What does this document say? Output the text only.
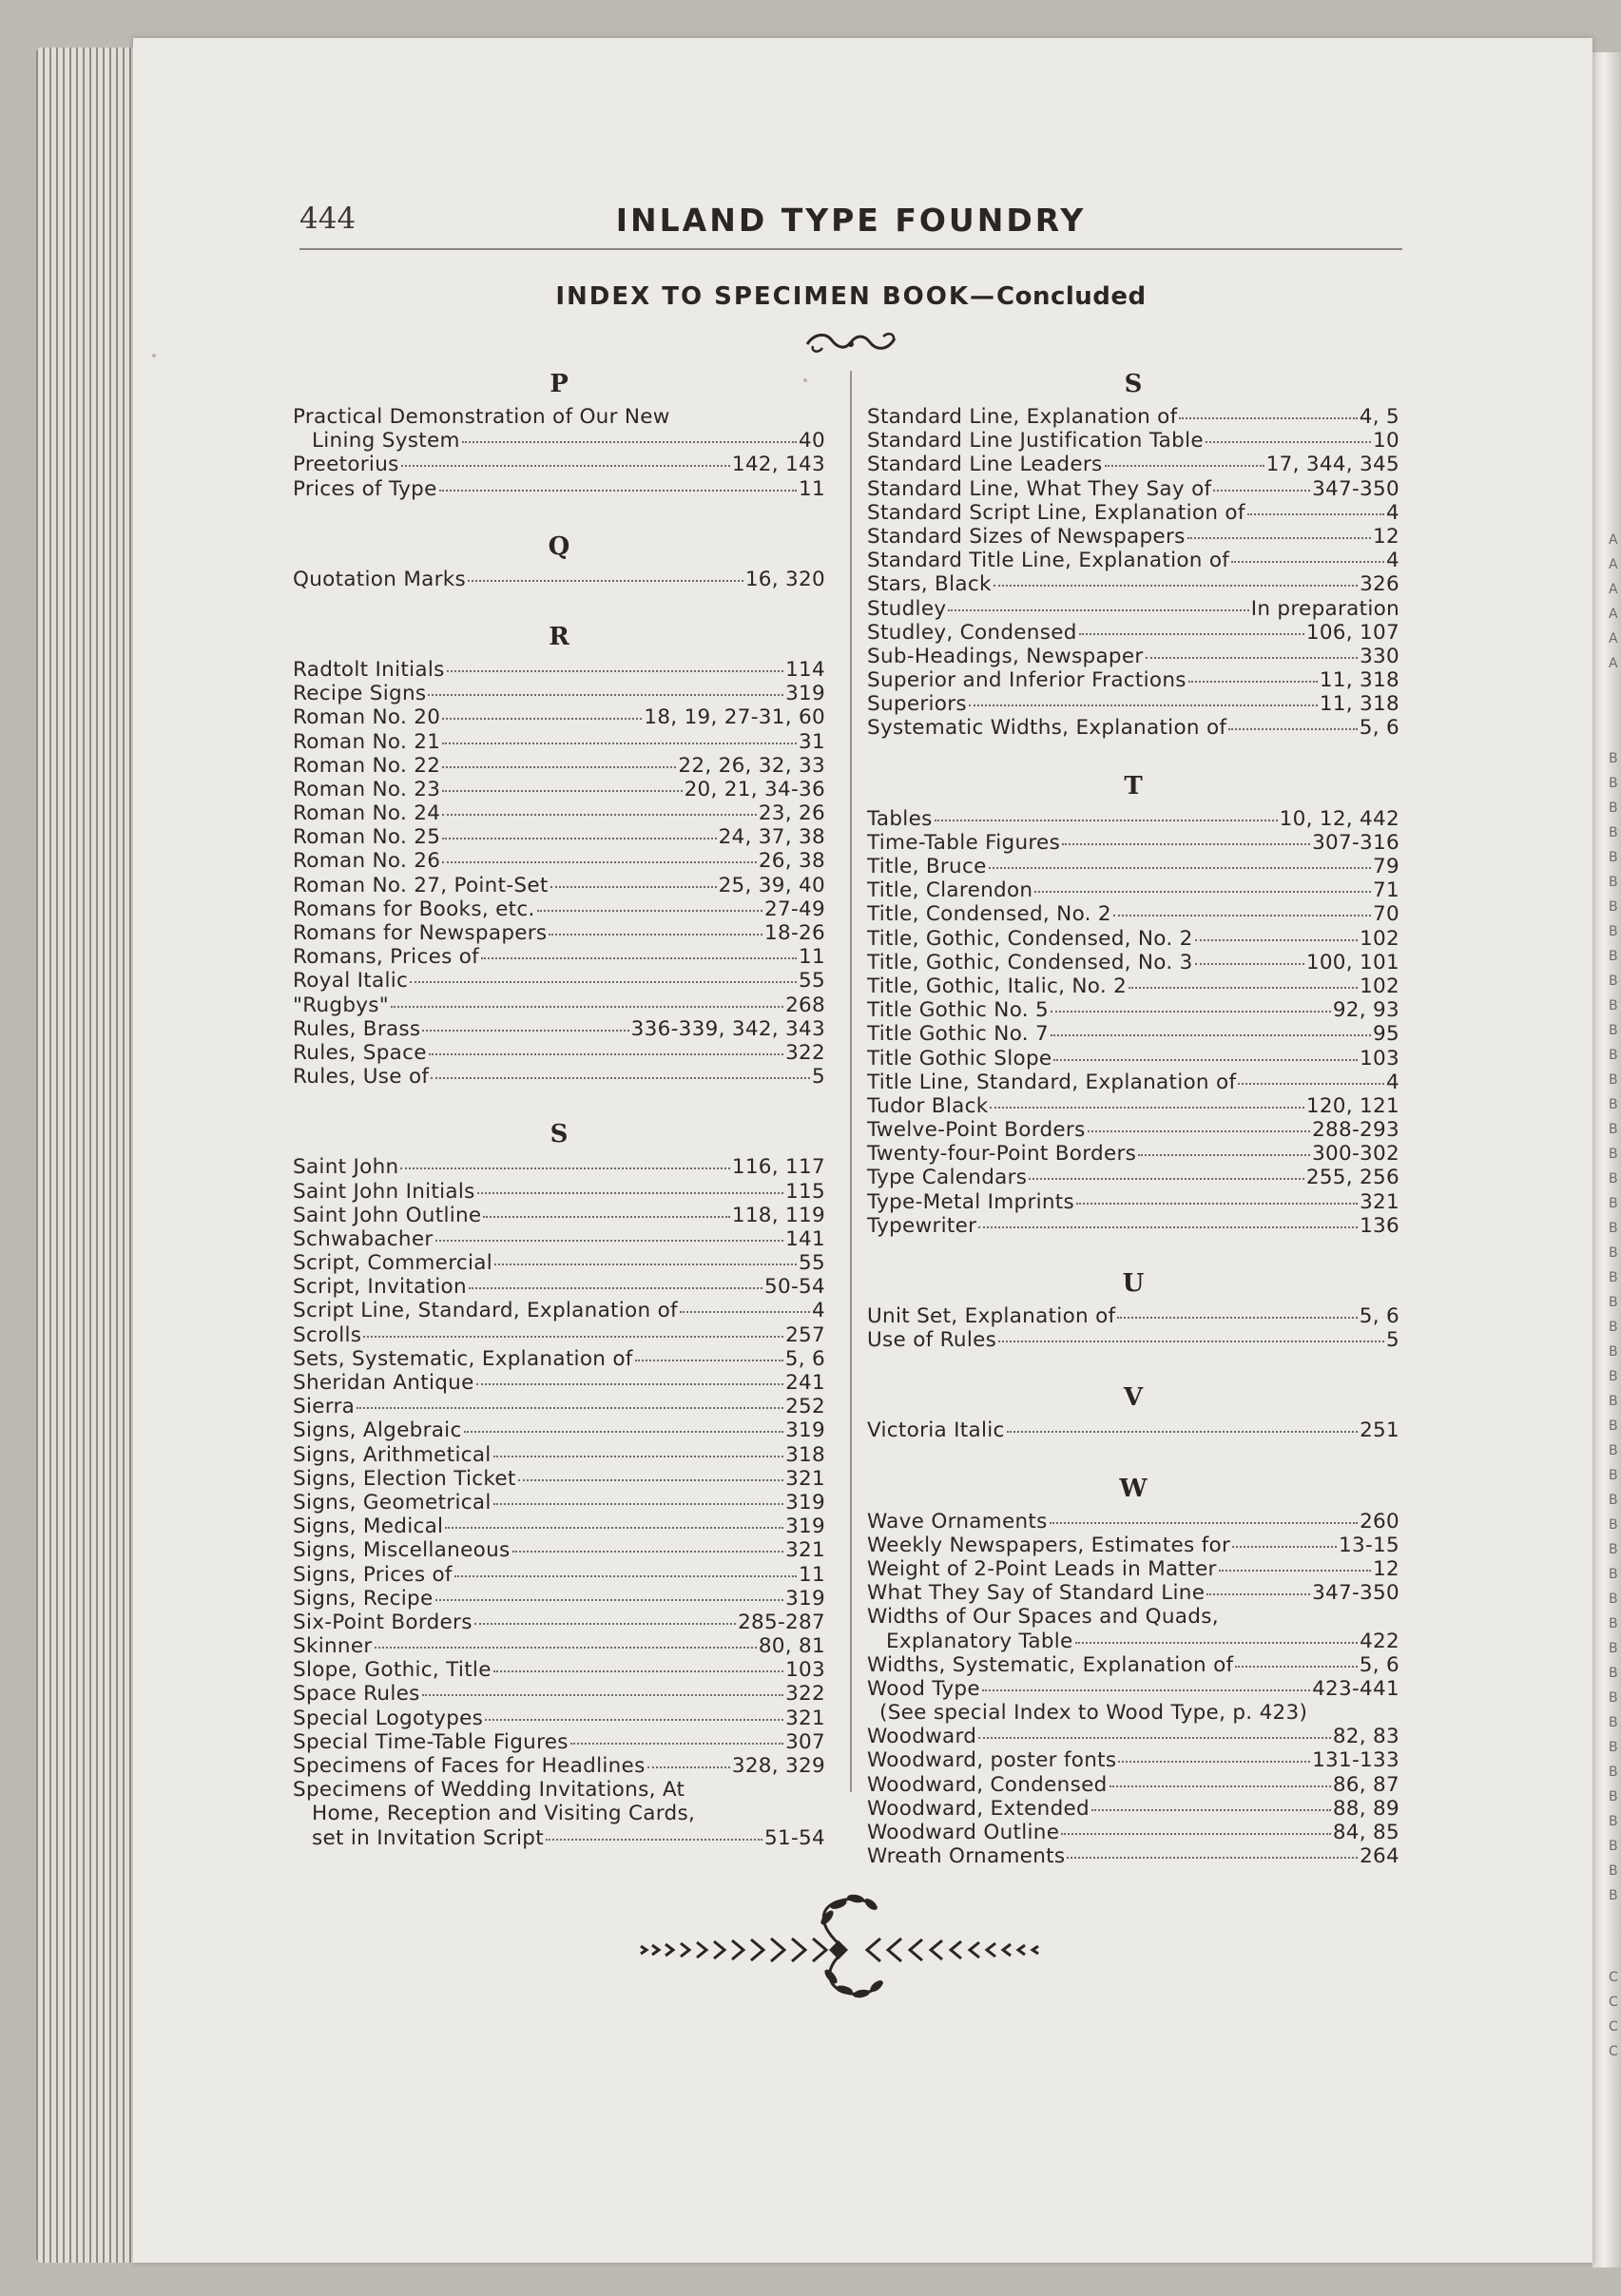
444	INLAND TYPE FOUNDRY
INDEX TO SPECIMEN BOOK—Concluded
P
Practical Demonstration of Our New
Lining System	40
Preetorius	142, 143
Prices of Type	11
Q
Quotation Marks	16, 320
R
Radtolt Initials	114
Recipe Signs	319
Roman No. 20	18, 19, 27-31, 60
Roman No. 21	31
Roman No. 22	22, 26, 32, 33
Roman No. 23	20, 21, 34-36
Roman No. 24	23, 26
Roman No. 25	24, 37, 38
Roman No. 26	26, 38
Roman No. 27, Point-Set	25, 39, 40
Romans for Books, etc.	27-49
Romans for Newspapers	18-26
Romans, Prices of	11
Royal Italic	55
"Rugbys"	268
Rules, Brass	336-339, 342, 343
Rules, Space	322
Rules, Use of	5
S
Saint John	116, 117
Saint John Initials	115
Saint John Outline	118, 119
Schwabacher	141
Script, Commercial	55
Script, Invitation	50-54
Script Line, Standard, Explanation of	4
Scrolls	257
Sets, Systematic, Explanation of	5, 6
Sheridan Antique	241
Sierra	252
Signs, Algebraic	319
Signs, Arithmetical	318
Signs, Election Ticket	321
Signs, Geometrical	319
Signs, Medical	319
Signs, Miscellaneous	321
Signs, Prices of	11
Signs, Recipe	319
Six-Point Borders	285-287
Skinner	80, 81
Slope, Gothic, Title	103
Space Rules	322
Special Logotypes	321
Special Time-Table Figures	307
Specimens of Faces for Headlines	328, 329
Specimens of Wedding Invitations, At
Home, Reception and Visiting Cards,
set in Invitation Script	51-54
S
Standard Line, Explanation of	4, 5
Standard Line Justification Table	10
Standard Line Leaders	17, 344, 345
Standard Line, What They Say of	347-350
Standard Script Line, Explanation of	4
Standard Sizes of Newspapers	12
Standard Title Line, Explanation of	4
Stars, Black	326
Studley	In preparation
Studley, Condensed	106, 107
Sub-Headings, Newspaper	330
Superior and Inferior Fractions	11, 318
Superiors	11, 318
Systematic Widths, Explanation of	5, 6
T
Tables	10, 12, 442
Time-Table Figures	307-316
Title, Bruce	79
Title, Clarendon	71
Title, Condensed, No. 2	70
Title, Gothic, Condensed, No. 2	102
Title, Gothic, Condensed, No. 3	100, 101
Title, Gothic, Italic, No. 2	102
Title Gothic No. 5	92, 93
Title Gothic No. 7	95
Title Gothic Slope	103
Title Line, Standard, Explanation of	4
Tudor Black	120, 121
Twelve-Point Borders	288-293
Twenty-four-Point Borders	300-302
Type Calendars	255, 256
Type-Metal Imprints	321
Typewriter	136
U
Unit Set, Explanation of	5, 6
Use of Rules	5
V
Victoria Italic	251
W
Wave Ornaments	260
Weekly Newspapers, Estimates for	13-15
Weight of 2-Point Leads in Matter	12
What They Say of Standard Line	347-350
Widths of Our Spaces and Quads,
Explanatory Table	422
Widths, Systematic, Explanation of	5, 6
Wood Type	423-441
(See special Index to Wood Type, p. 423)
Woodward	82, 83
Woodward, poster fonts	131-133
Woodward, Condensed	86, 87
Woodward, Extended	88, 89
Woodward Outline	84, 85
Wreath Ornaments	264
A
A
A
A
A
A
B
B
B
B
B
B
B
B
B
B
B
B
B
B
B
B
B
B
B
B
B
B
B
B
B
B
B
B
B
B
B
B
B
B
B
B
B
B
B
B
B
B
B
B
B
B
B
C
C
C
C
